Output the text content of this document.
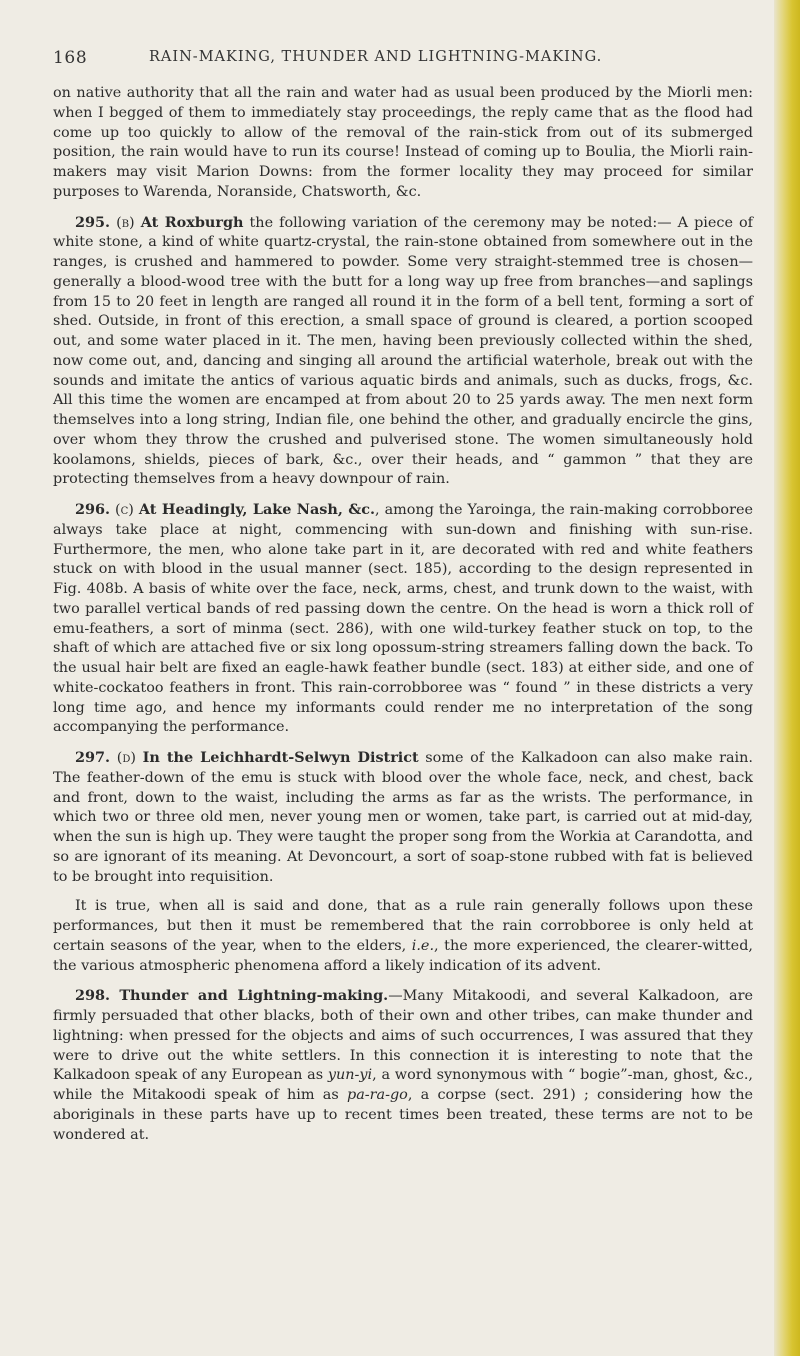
168	RAIN-MAKING, THUNDER AND LIGHTNING-MAKING.

on native authority that all the rain and water had as usual been produced by the Miorli men: when I begged of them to immediately stay proceedings, the reply came that as the flood had come up too quickly to allow of the removal of the rain-stick from out of its submerged position, the rain would have to run its course! Instead of coming up to Boulia, the Miorli rain-makers may visit Marion Downs: from the former locality they may proceed for similar purposes to Warenda, Noranside, Chatsworth, &c.

295. (b) At Roxburgh the following variation of the ceremony may be noted:— A piece of white stone, a kind of white quartz-crystal, the rain-stone obtained from somewhere out in the ranges, is crushed and hammered to powder. Some very straight-stemmed tree is chosen—generally a blood-wood tree with the butt for a long way up free from branches—and saplings from 15 to 20 feet in length are ranged all round it in the form of a bell tent, forming a sort of shed. Outside, in front of this erection, a small space of ground is cleared, a portion scooped out, and some water placed in it. The men, having been previously collected within the shed, now come out, and, dancing and singing all around the artificial waterhole, break out with the sounds and imitate the antics of various aquatic birds and animals, such as ducks, frogs, &c. All this time the women are encamped at from about 20 to 25 yards away. The men next form themselves into a long string, Indian file, one behind the other, and gradually encircle the gins, over whom they throw the crushed and pulverised stone. The women simultaneously hold koolamons, shields, pieces of bark, &c., over their heads, and “ gammon ” that they are protecting themselves from a heavy downpour of rain.

296. (c) At Headingly, Lake Nash, &c., among the Yaroinga, the rain-making corrobboree always take place at night, commencing with sun-down and finishing with sun-rise. Furthermore, the men, who alone take part in it, are decorated with red and white feathers stuck on with blood in the usual manner (sect. 185), according to the design represented in Fig. 408b. A basis of white over the face, neck, arms, chest, and trunk down to the waist, with two parallel vertical bands of red passing down the centre. On the head is worn a thick roll of emu-feathers, a sort of minma (sect. 286), with one wild-turkey feather stuck on top, to the shaft of which are attached five or six long opossum-string streamers falling down the back. To the usual hair belt are fixed an eagle-hawk feather bundle (sect. 183) at either side, and one of white-cockatoo feathers in front. This rain-corrobboree was “ found ” in these districts a very long time ago, and hence my informants could render me no interpretation of the song accompanying the performance.

297. (d) In the Leichhardt-Selwyn District some of the Kalkadoon can also make rain. The feather-down of the emu is stuck with blood over the whole face, neck, and chest, back and front, down to the waist, including the arms as far as the wrists. The performance, in which two or three old men, never young men or women, take part, is carried out at mid-day, when the sun is high up. They were taught the proper song from the Workia at Carandotta, and so are ignorant of its meaning. At Devoncourt, a sort of soap-stone rubbed with fat is believed to be brought into requisition.

It is true, when all is said and done, that as a rule rain generally follows upon these performances, but then it must be remembered that the rain corrobboree is only held at certain seasons of the year, when to the elders, i.e., the more experienced, the clearer-witted, the various atmospheric phenomena afford a likely indication of its advent.

298. Thunder and Lightning-making.—Many Mitakoodi, and several Kalkadoon, are firmly persuaded that other blacks, both of their own and other tribes, can make thunder and lightning: when pressed for the objects and aims of such occurrences, I was assured that they were to drive out the white settlers. In this connection it is interesting to note that the Kalkadoon speak of any European as yun-yi, a word synonymous with “ bogie”-man, ghost, &c., while the Mitakoodi speak of him as pa-ra-go, a corpse (sect. 291) ; considering how the aboriginals in these parts have up to recent times been treated, these terms are not to be wondered at.
